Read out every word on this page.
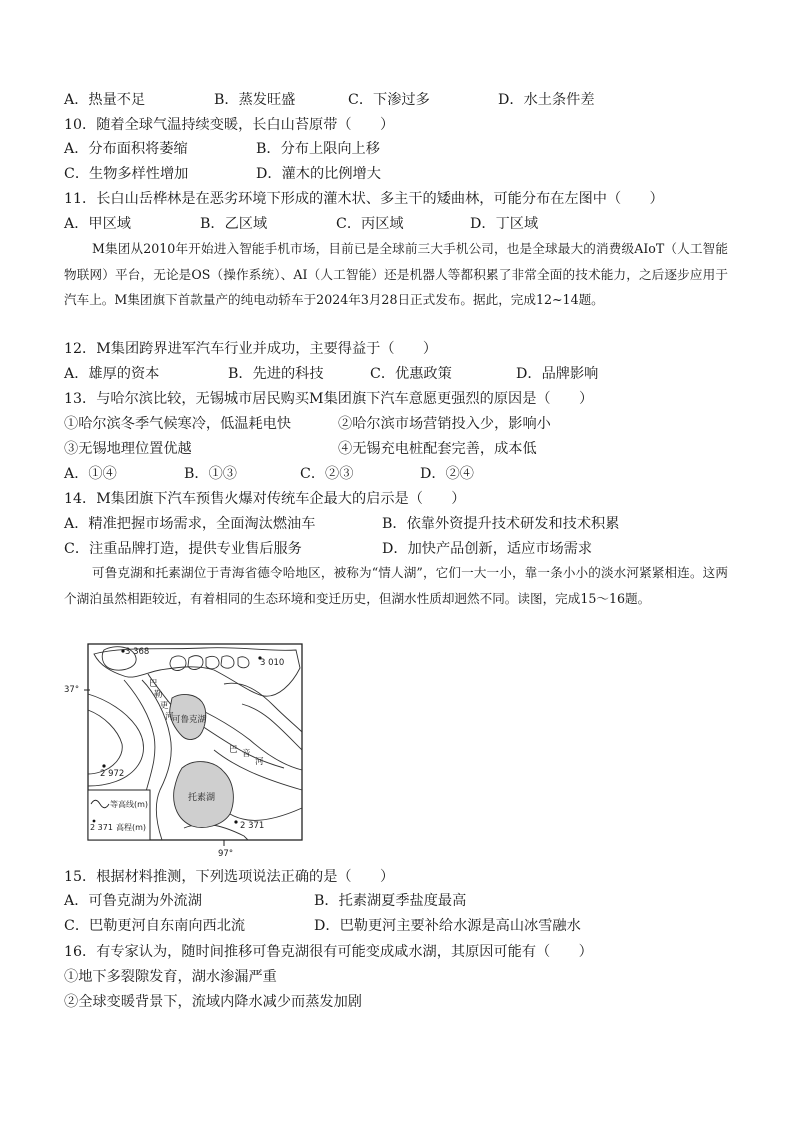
A．热量不足	B．蒸发旺盛	C．下渗过多	D．水土条件差
10．随着全球气温持续变暖，长白山苔原带（　　）
A．分布面积将萎缩	B．分布上限向上移
C．生物多样性增加	D．灌木的比例增大
11．长白山岳桦林是在恶劣环境下形成的灌木状、多主干的矮曲林，可能分布在左图中（　　）
A．甲区域	B．乙区域	C．丙区域	D．丁区域
M集团从2010年开始进入智能手机市场，目前已是全球前三大手机公司，也是全球最大的消费级AIoT（人工智能物联网）平台，无论是OS（操作系统）、AI（人工智能）还是机器人等都积累了非常全面的技术能力，之后逐步应用于汽车上。M集团旗下首款量产的纯电动轿车于2024年3月28日正式发布。据此，完成12~14题。
12．M集团跨界进军汽车行业并成功，主要得益于（　　）
A．雄厚的资本	B．先进的科技	C．优惠政策	D．品牌影响
13．与哈尔滨比较，无锡城市居民购买M集团旗下汽车意愿更强烈的原因是（　　）
①哈尔滨冬季气候寒冷，低温耗电快	②哈尔滨市场营销投入少，影响小
③无锡地理位置优越	④无锡充电桩配套完善，成本低
A．①④	B．①③	C．②③	D．②④
14．M集团旗下汽车预售火爆对传统车企最大的启示是（　　）
A．精准把握市场需求，全面淘汰燃油车	B．依靠外资提升技术研发和技术积累
C．注重品牌打造，提供专业售后服务	D．加快产品创新，适应市场需求
可鲁克湖和托素湖位于青海省德令哈地区，被称为“情人湖”，它们一大一小，靠一条小小的淡水河紧紧相连。这两个湖泊虽然相距较近，有着相同的生态环境和变迁历史，但湖水性质却迥然不同。读图，完成15～16题。
3 368
3 010
2 972
2 371
37°
97°
可鲁克湖
托素湖
巴
勒
更
河
巴 音
河
等高线(m)
2 371 高程(m)
15．根据材料推测，下列选项说法正确的是（　　）
A．可鲁克湖为外流湖	B．托素湖夏季盐度最高
C．巴勒更河自东南向西北流	D．巴勒更河主要补给水源是高山冰雪融水
16．有专家认为，随时间推移可鲁克湖很有可能变成咸水湖，其原因可能有（　　）
①地下多裂隙发育，湖水渗漏严重
②全球变暖背景下，流域内降水减少而蒸发加剧
